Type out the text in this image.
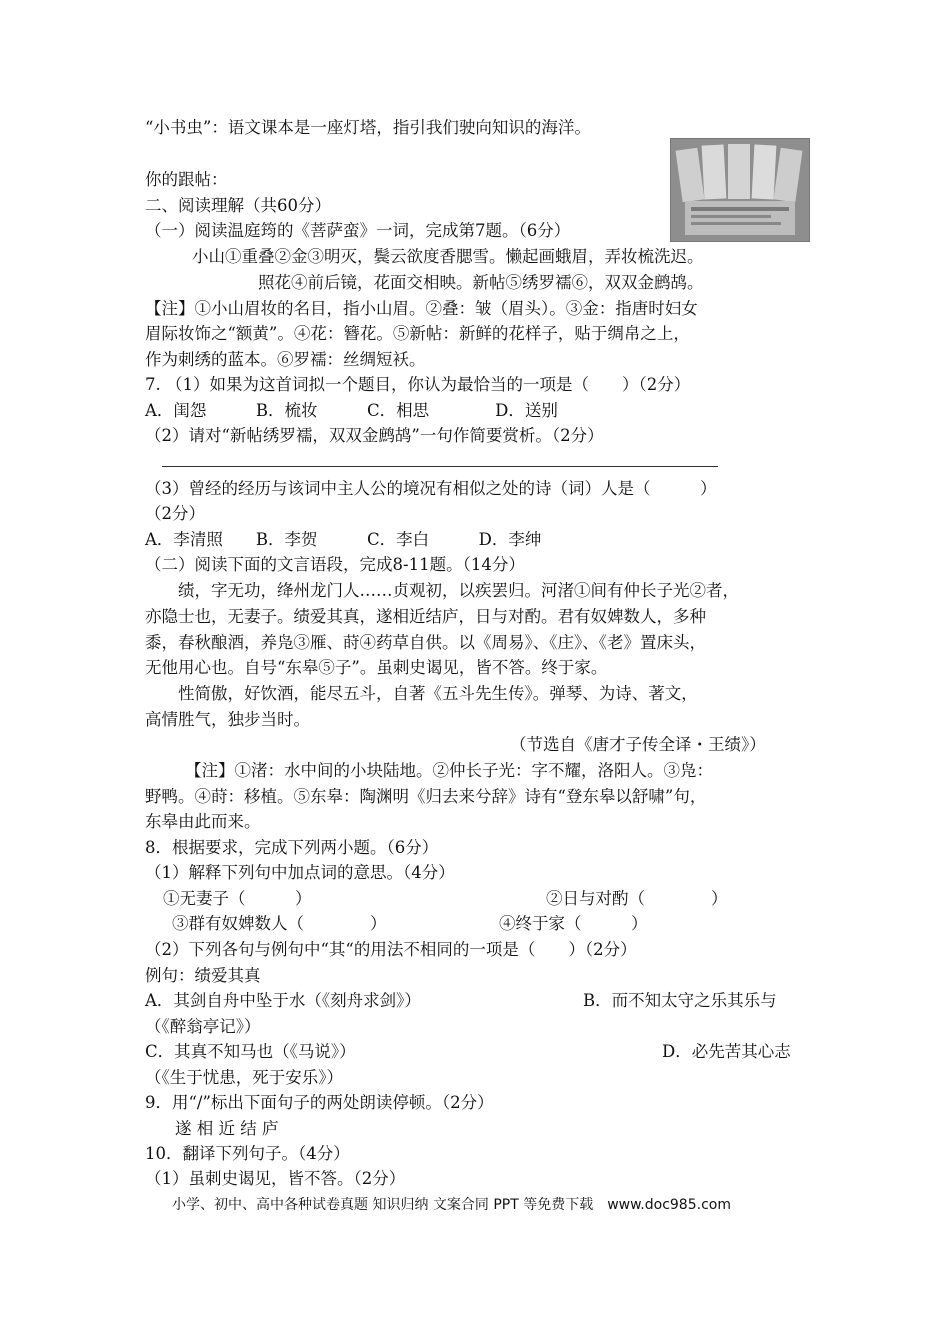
“小书虫”：语文课本是一座灯塔，指引我们驶向知识的海洋。
你的跟帖：
二、阅读理解（共60分）
（一）阅读温庭筠的《菩萨蛮》一词，完成第7题。（6分）
小山①重叠②金③明灭，鬓云欲度香腮雪。懒起画蛾眉，弄妆梳洗迟。
照花④前后镜，花面交相映。新帖⑤绣罗襦⑥，双双金鹧鸪。
【注】①小山眉妆的名目，指小山眉。②叠：皱（眉头）。③金：指唐时妇女
眉际妆饰之“额黄”。④花：簪花。⑤新帖：新鲜的花样子，贴于绸帛之上，
作为刺绣的蓝本。⑥罗襦：丝绸短袄。
7. （1）如果为这首词拟一个题目，你认为最恰当的一项是（　　）（2分）
A．闺怨　　　B．梳妆　　　C．相思　　　　D．送别
（2）请对“新帖绣罗襦，双双金鹧鸪”一句作简要赏析。（2分）
（3）曾经的经历与该词中主人公的境况有相似之处的诗（词）人是（　　　）
（2分）
A．李清照　　B．李贺　　　C．李白　　　D．李绅
（二）阅读下面的文言语段，完成8-11题。（14分）
绩，字无功，绛州龙门人……贞观初，以疾罢归。河渚①间有仲长子光②者，
亦隐士也，无妻子。绩爱其真，遂相近结庐，日与对酌。君有奴婢数人，多种
黍，春秋酿酒，养凫③雁、莳④药草自供。以《周易》、《庄》、《老》置床头，
无他用心也。自号“东皋⑤子”。虽刺史谒见，皆不答。终于家。
性简傲，好饮酒，能尽五斗，自著《五斗先生传》。弹琴、为诗、著文，
高情胜气，独步当时。
（节选自《唐才子传全译・王绩》）
【注】①渚：水中间的小块陆地。②仲长子光：字不耀，洛阳人。③凫：
野鸭。④莳：移植。⑤东皋：陶渊明《归去来兮辞》诗有“登东皋以舒啸”句，
东皋由此而来。
8．根据要求，完成下列两小题。（6分）
（1）解释下列句中加点词的意思。（4分）
①无妻子（　　　）	②日与对酌（　　　　）
③群有奴婢数人（　　　　）	④终于家（　　　）
（2）下列各句与例句中“其“的用法不相同的一项是（　　）（2分）
例句：绩爱其真
A．其剑自舟中坠于水（《刻舟求剑》）	B．而不知太守之乐其乐与
（《醉翁亭记》）
C．其真不知马也（《马说》）	D．必先苦其心志
（《生于忧患，死于安乐》）
9．用“/”标出下面句子的两处朗读停顿。（2分）
遂 相 近 结 庐
10．翻译下列句子。（4分）
（1）虽刺史谒见，皆不答。（2分）
小学、初中、高中各种试卷真题 知识归纳 文案合同 PPT 等免费下载　www.doc985.com
